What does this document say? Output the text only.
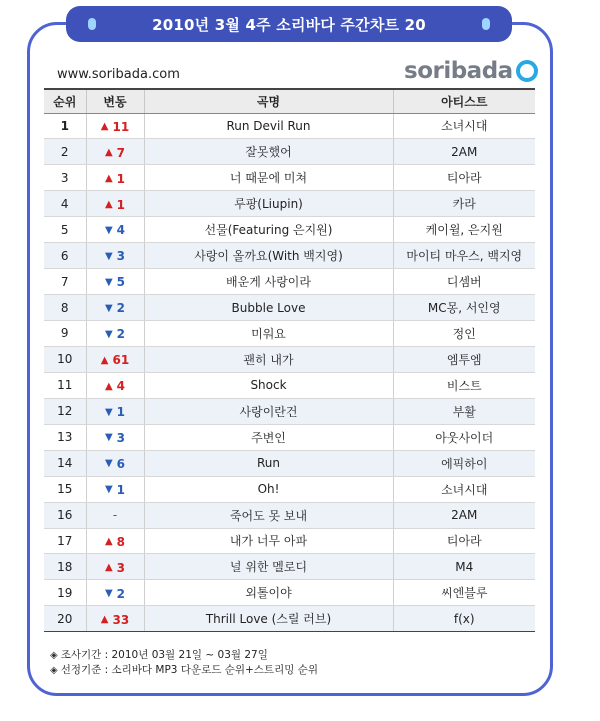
2010년 3월 4주 소리바다 주간차트 20
www.soribada.com	soribada
순위	변동	곡명	아티스트
1	▲ 11	Run Devil Run	소녀시대
2	▲ 7	잘못했어	2AM
3	▲ 1	너 때문에 미쳐	티아라
4	▲ 1	루팡(Liupin)	카라
5	▼ 4	선물(Featuring 은지원)	케이윌, 은지원
6	▼ 3	사랑이 올까요(With 백지영)	마이티 마우스, 백지영
7	▼ 5	배운게 사랑이라	디셈버
8	▼ 2	Bubble Love	MC몽, 서인영
9	▼ 2	미워요	정인
10	▲ 61	괜히 내가	엠투엠
11	▲ 4	Shock	비스트
12	▼ 1	사랑이란건	부활
13	▼ 3	주변인	아웃사이더
14	▼ 6	Run	에픽하이
15	▼ 1	Oh!	소녀시대
16	-	죽어도 못 보내	2AM
17	▲ 8	내가 너무 아파	티아라
18	▲ 3	널 위한 멜로디	M4
19	▼ 2	외톨이야	씨엔블루
20	▲ 33	Thrill Love (스릴 러브)	f(x)
◈ 조사기간 : 2010년 03월 21일 ~ 03월 27일
◈ 선정기준 : 소리바다 MP3 다운로드 순위+스트리밍 순위
